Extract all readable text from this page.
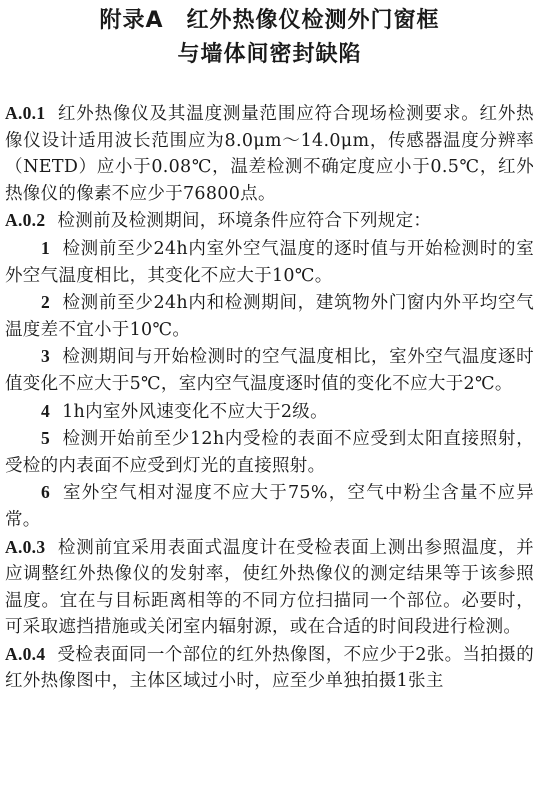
附录A　红外热像仪检测外门窗框
与墙体间密封缺陷

A.0.1 红外热像仪及其温度测量范围应符合现场检测要求。红外热像仪设计适用波长范围应为8.0μm～14.0μm，传感器温度分辨率（NETD）应小于0.08℃，温差检测不确定度应小于0.5℃，红外热像仪的像素不应少于76800点。

A.0.2 检测前及检测期间，环境条件应符合下列规定：

1 检测前至少24h内室外空气温度的逐时值与开始检测时的室外空气温度相比，其变化不应大于10℃。

2 检测前至少24h内和检测期间，建筑物外门窗内外平均空气温度差不宜小于10℃。

3 检测期间与开始检测时的空气温度相比，室外空气温度逐时值变化不应大于5℃，室内空气温度逐时值的变化不应大于2℃。

4 1h内室外风速变化不应大于2级。

5 检测开始前至少12h内受检的表面不应受到太阳直接照射，受检的内表面不应受到灯光的直接照射。

6 室外空气相对湿度不应大于75%，空气中粉尘含量不应异常。

A.0.3 检测前宜采用表面式温度计在受检表面上测出参照温度，并应调整红外热像仪的发射率，使红外热像仪的测定结果等于该参照温度。宜在与目标距离相等的不同方位扫描同一个部位。必要时，可采取遮挡措施或关闭室内辐射源，或在合适的时间段进行检测。

A.0.4 受检表面同一个部位的红外热像图，不应少于2张。当拍摄的红外热像图中，主体区域过小时，应至少单独拍摄1张主
